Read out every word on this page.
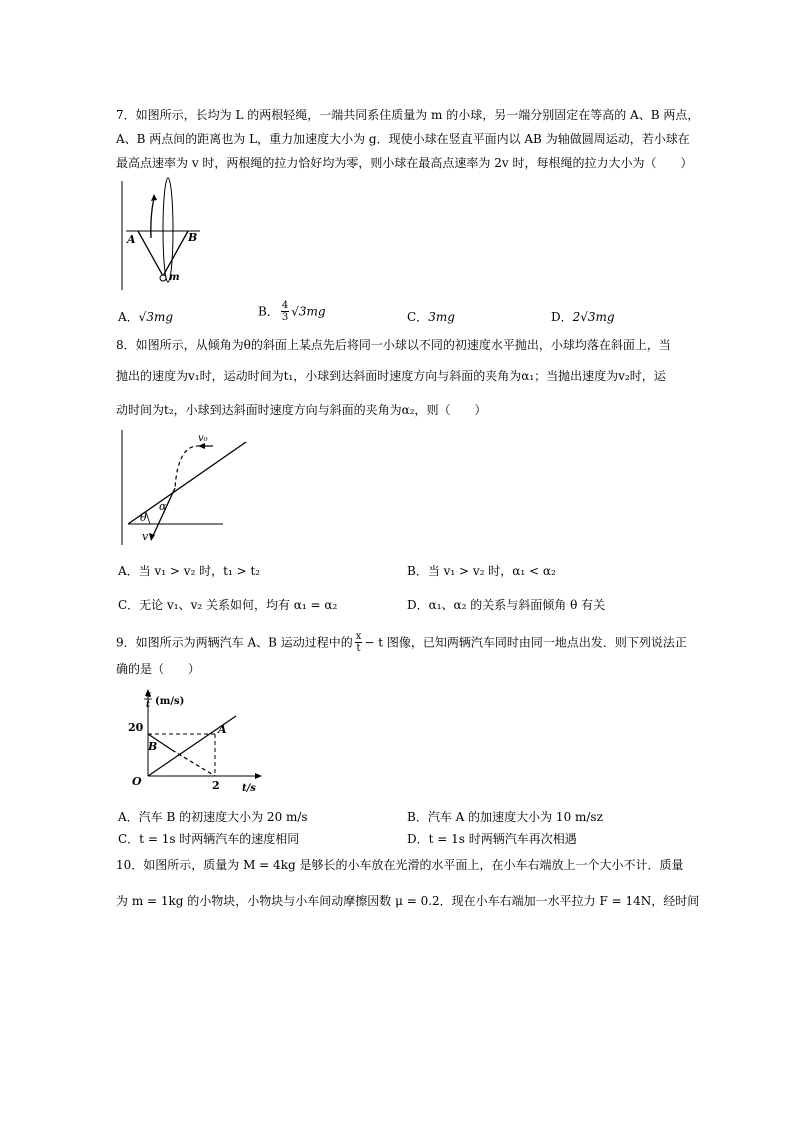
7．如图所示，长均为 L 的两根轻绳，一端共同系住质量为 m 的小球，另一端分别固定在等高的 A、B 两点，
A、B 两点间的距离也为 L，重力加速度大小为 g．现使小球在竖直平面内以 AB 为轴做圆周运动，若小球在
最高点速率为 v 时，两根绳的拉力恰好均为零，则小球在最高点速率为 2v 时，每根绳的拉力大小为（　　）
A	B
m
A．√3mg	B． $\frac{4}{3} √3mg$	C．3mg	D．2√3mg
8．如图所示，从倾角为θ的斜面上某点先后将同一小球以不同的初速度水平抛出，小球均落在斜面上，当
抛出的速度为v₁时，运动时间为t₁，小球到达斜面时速度方向与斜面的夹角为α₁；当抛出速度为v₂时，运
动时间为t₂，小球到达斜面时速度方向与斜面的夹角为α₂，则（　　）
v₀
α
θ
v
A．当 v₁ > v₂ 时，t₁ > t₂	B．当 v₁ > v₂ 时，α₁ < α₂
C．无论 v₁、v₂ 关系如何，均有 α₁ = α₂	D．α₁、α₂ 的关系与斜面倾角 θ 有关
9．如图所示为两辆汽车 A、B 运动过程中的 $\frac{x}{t} - t$ 图像，已知两辆汽车同时由同一地点出发．则下列说法正
确的是（　　）
x
t (m/s)
20
O	2 t/s
A
B
A．汽车 B 的初速度大小为 20 m/s	B．汽车 A 的加速度大小为 10 m/sz
C．t = 1s 时两辆汽车的速度相同	D．t = 1s 时两辆汽车再次相遇
10．如图所示，质量为 M = 4kg 是够长的小车放在光滑的水平面上，在小车右端放上一个大小不计．质量
为 m = 1kg 的小物块，小物块与小车间动摩擦因数 μ = 0.2．现在小车右端加一水平拉力 F = 14N，经时间
